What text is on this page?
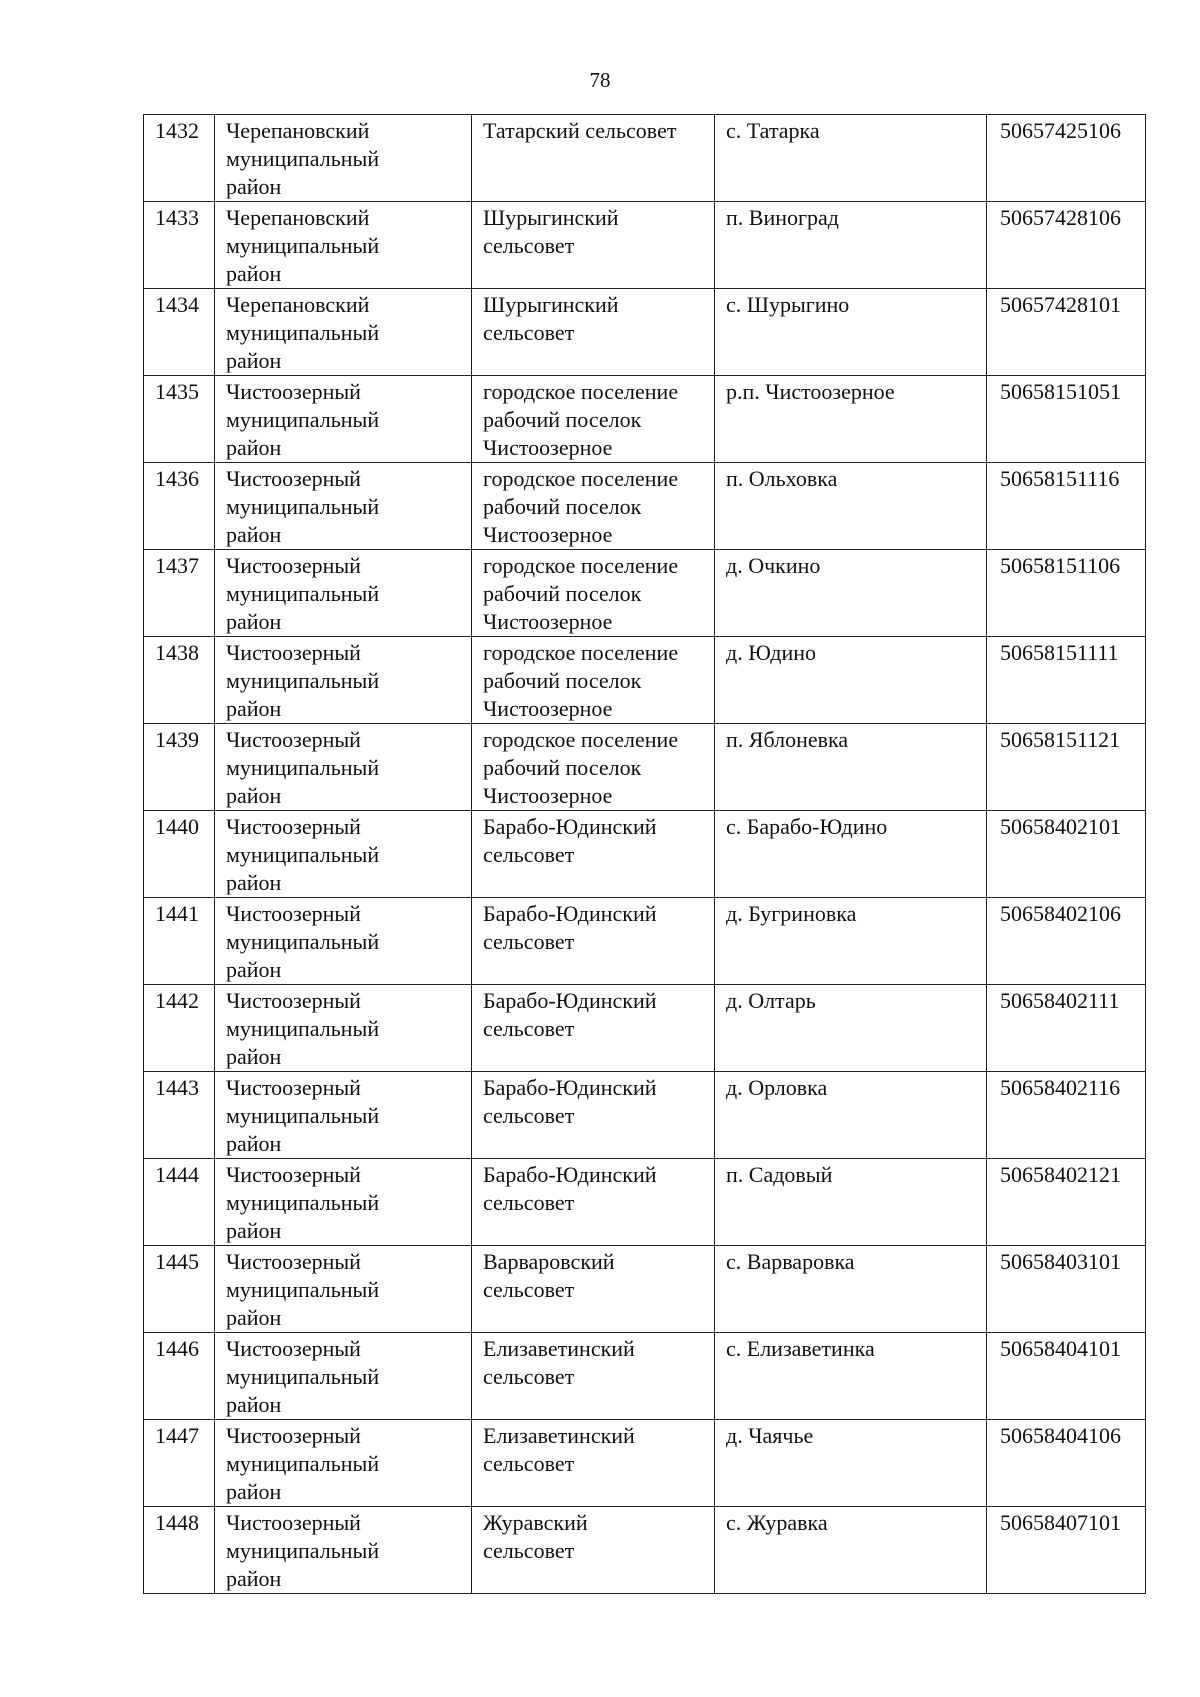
78
1432	Черепановский
муниципальный
район	Татарский сельсовет	с. Татарка	50657425106

1433	Черепановский
муниципальный
район	Шурыгинский
сельсовет	п. Виноград	50657428106

1434	Черепановский
муниципальный
район	Шурыгинский
сельсовет	с. Шурыгино	50657428101

1435	Чистоозерный
муниципальный
район	городское поселение
рабочий поселок
Чистоозерное	р.п. Чистоозерное	50658151051

1436	Чистоозерный
муниципальный
район	городское поселение
рабочий поселок
Чистоозерное	п. Ольховка	50658151116

1437	Чистоозерный
муниципальный
район	городское поселение
рабочий поселок
Чистоозерное	д. Очкино	50658151106

1438	Чистоозерный
муниципальный
район	городское поселение
рабочий поселок
Чистоозерное	д. Юдино	50658151111

1439	Чистоозерный
муниципальный
район	городское поселение
рабочий поселок
Чистоозерное	п. Яблоневка	50658151121

1440	Чистоозерный
муниципальный
район	Барабо-Юдинский
сельсовет	с. Барабо-Юдино	50658402101

1441	Чистоозерный
муниципальный
район	Барабо-Юдинский
сельсовет	д. Бугриновка	50658402106

1442	Чистоозерный
муниципальный
район	Барабо-Юдинский
сельсовет	д. Олтарь	50658402111

1443	Чистоозерный
муниципальный
район	Барабо-Юдинский
сельсовет	д. Орловка	50658402116

1444	Чистоозерный
муниципальный
район	Барабо-Юдинский
сельсовет	п. Садовый	50658402121

1445	Чистоозерный
муниципальный
район	Варваровский
сельсовет	с. Варваровка	50658403101

1446	Чистоозерный
муниципальный
район	Елизаветинский
сельсовет	с. Елизаветинка	50658404101

1447	Чистоозерный
муниципальный
район	Елизаветинский
сельсовет	д. Чаячье	50658404106

1448	Чистоозерный
муниципальный
район	Журавский
сельсовет	с. Журавка	50658407101
